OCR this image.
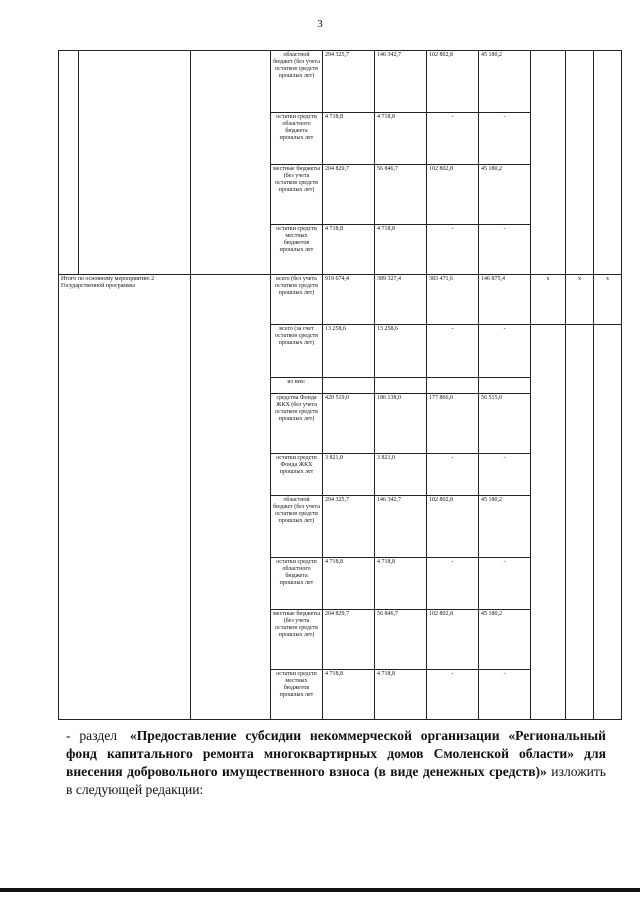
3
			областной бюджет (без учета остатков средств прошлых лет)	294 325,7	146 342,7	102 802,8	45 180,2			
			остатки средств областного бюджета прошлых лет	4 718,8	4 718,8	-	-			
			местные бюджеты (без учета остатков средств прошлых лет)	204 829,7	56 846,7	102 802,8	45 180,2			
			остатки средств местных бюджетов прошлых лет	4 718,8	4 718,8	-	-			
Итого по основному мероприятию 2 Государственной программы			всего (без учета остатков средств прошлых лет)	919 674,4	389 327,4	383 471,6	146 875,4	x	x	x
			всего (за счет остатков средств прошлых лет)	13 258,6	13 258,6	-	-			
			из них:							
			средства Фонда ЖКХ (без учета остатков средств прошлых лет)	420 519,0	186 138,0	177 866,0	56 515,0			
			остатки средств Фонда ЖКХ прошлых лет	3 821,0	3 821,0	-	-			
			областной бюджет (без учета остатков средств прошлых лет)	294 325,7	146 342,7	102 802,8	45 180,2			
			остатки средств областного бюджета прошлых лет	4 718,8	4 718,8	-	-			
			местные бюджеты (без учета остатков средств прошлых лет)	204 829,7	56 846,7	102 802,8	45 180,2			
			остатки средств местных бюджетов прошлых лет	4 718,8	4 718,8	-	-			
- раздел «Предоставление субсидии некоммерческой организации «Региональный фонд капитального ремонта многоквартирных домов Смоленской области» для внесения добровольного имущественного взноса (в виде денежных средств)» изложить в следующей редакции:
